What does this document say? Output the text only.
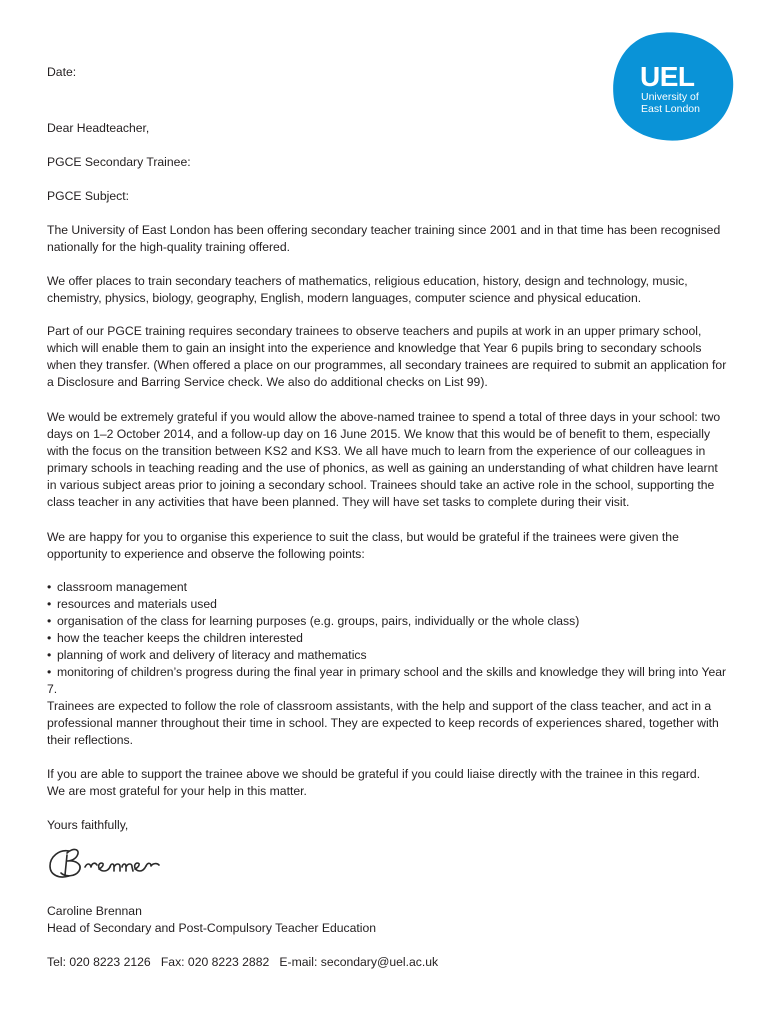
UEL
University of
East London

Date:

Dear Headteacher,

PGCE Secondary Trainee:

PGCE Subject:

The University of East London has been offering secondary teacher training since 2001 and in that time has been recognised nationally for the high-quality training offered.

We offer places to train secondary teachers of mathematics, religious education, history, design and technology, music, chemistry, physics, biology, geography, English, modern languages, computer science and physical education.

Part of our PGCE training requires secondary trainees to observe teachers and pupils at work in an upper primary school, which will enable them to gain an insight into the experience and knowledge that Year 6 pupils bring to secondary schools when they transfer. (When offered a place on our programmes, all secondary trainees are required to submit an application for a Disclosure and Barring Service check. We also do additional checks on List 99).

We would be extremely grateful if you would allow the above-named trainee to spend a total of three days in your school: two days on 1–2 October 2014, and a follow-up day on 16 June 2015. We know that this would be of benefit to them, especially with the focus on the transition between KS2 and KS3. We all have much to learn from the experience of our colleagues in primary schools in teaching reading and the use of phonics, as well as gaining an understanding of what children have learnt in various subject areas prior to joining a secondary school. Trainees should take an active role in the school, supporting the class teacher in any activities that have been planned. They will have set tasks to complete during their visit.

We are happy for you to organise this experience to suit the class, but would be grateful if the trainees were given the opportunity to experience and observe the following points:

• classroom management
• resources and materials used
• organisation of the class for learning purposes (e.g. groups, pairs, individually or the whole class)
• how the teacher keeps the children interested
• planning of work and delivery of literacy and mathematics
• monitoring of children’s progress during the final year in primary school and the skills and knowledge they will bring into Year 7.

Trainees are expected to follow the role of classroom assistants, with the help and support of the class teacher, and act in a professional manner throughout their time in school. They are expected to keep records of experiences shared, together with their reflections.

If you are able to support the trainee above we should be grateful if you could liaise directly with the trainee in this regard.

We are most grateful for your help in this matter.

Yours faithfully,

Caroline Brennan

Head of Secondary and Post-Compulsory Teacher Education

Tel: 020 8223 2126   Fax: 020 8223 2882   E-mail: secondary@uel.ac.uk
